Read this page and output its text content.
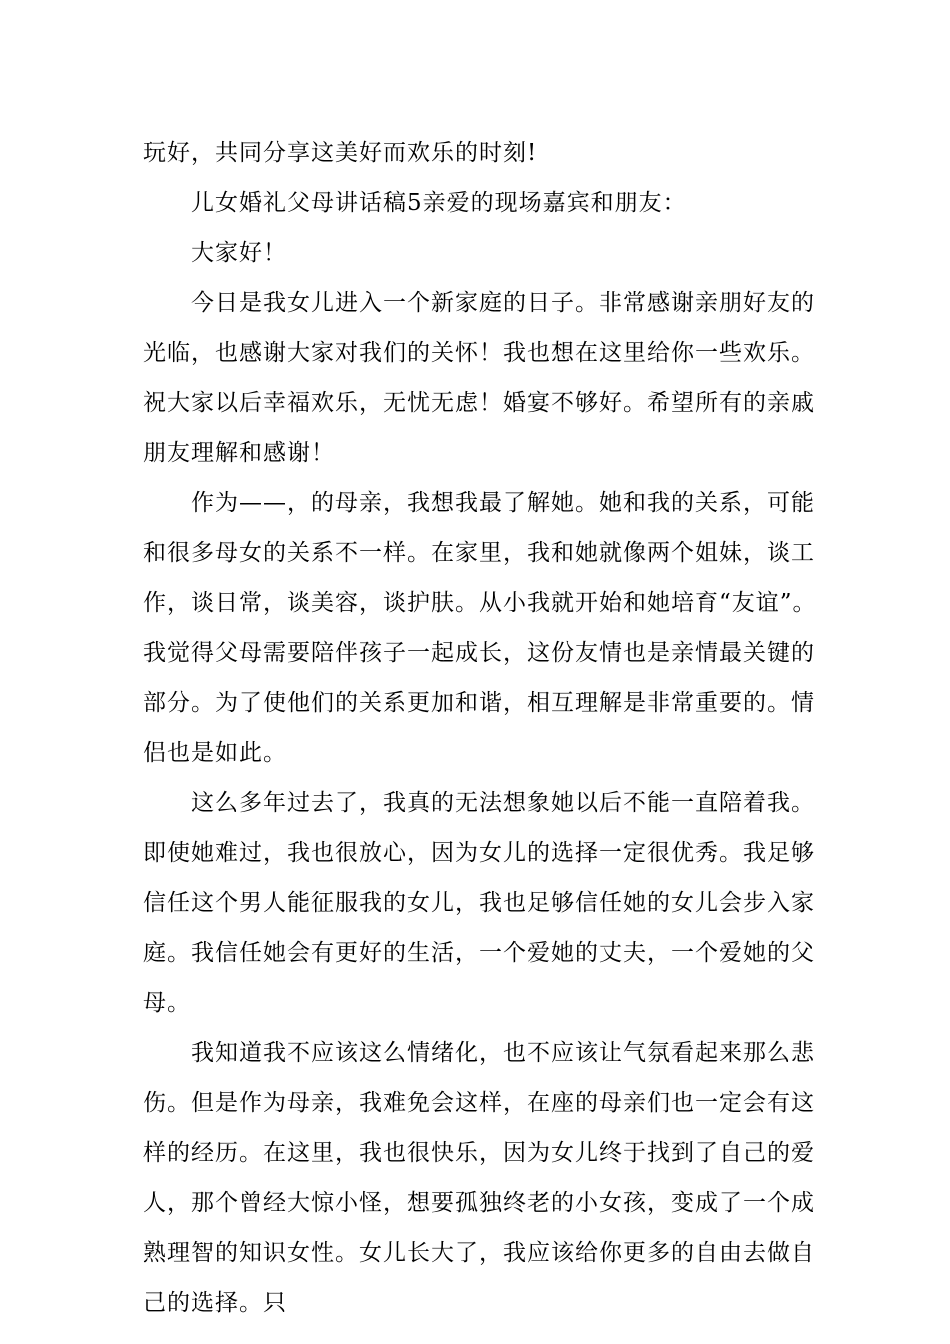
玩好，共同分享这美好而欢乐的时刻!

儿女婚礼父母讲话稿5亲爱的现场嘉宾和朋友：

大家好！

今日是我女儿进入一个新家庭的日子。非常感谢亲朋好友的光临，也感谢大家对我们的关怀！我也想在这里给你一些欢乐。祝大家以后幸福欢乐，无忧无虑！婚宴不够好。希望所有的亲戚朋友理解和感谢！

作为——，的母亲，我想我最了解她。她和我的关系，可能和很多母女的关系不一样。在家里，我和她就像两个姐妹，谈工作，谈日常，谈美容，谈护肤。从小我就开始和她培育“友谊”。我觉得父母需要陪伴孩子一起成长，这份友情也是亲情最关键的部分。为了使他们的关系更加和谐，相互理解是非常重要的。情侣也是如此。

这么多年过去了，我真的无法想象她以后不能一直陪着我。即使她难过，我也很放心，因为女儿的选择一定很优秀。我足够信任这个男人能征服我的女儿，我也足够信任她的女儿会步入家庭。我信任她会有更好的生活，一个爱她的丈夫，一个爱她的父母。

我知道我不应该这么情绪化，也不应该让气氛看起来那么悲伤。但是作为母亲，我难免会这样，在座的母亲们也一定会有这样的经历。在这里，我也很快乐，因为女儿终于找到了自己的爱人，那个曾经大惊小怪，想要孤独终老的小女孩，变成了一个成熟理智的知识女性。女儿长大了，我应该给你更多的自由去做自己的选择。只
